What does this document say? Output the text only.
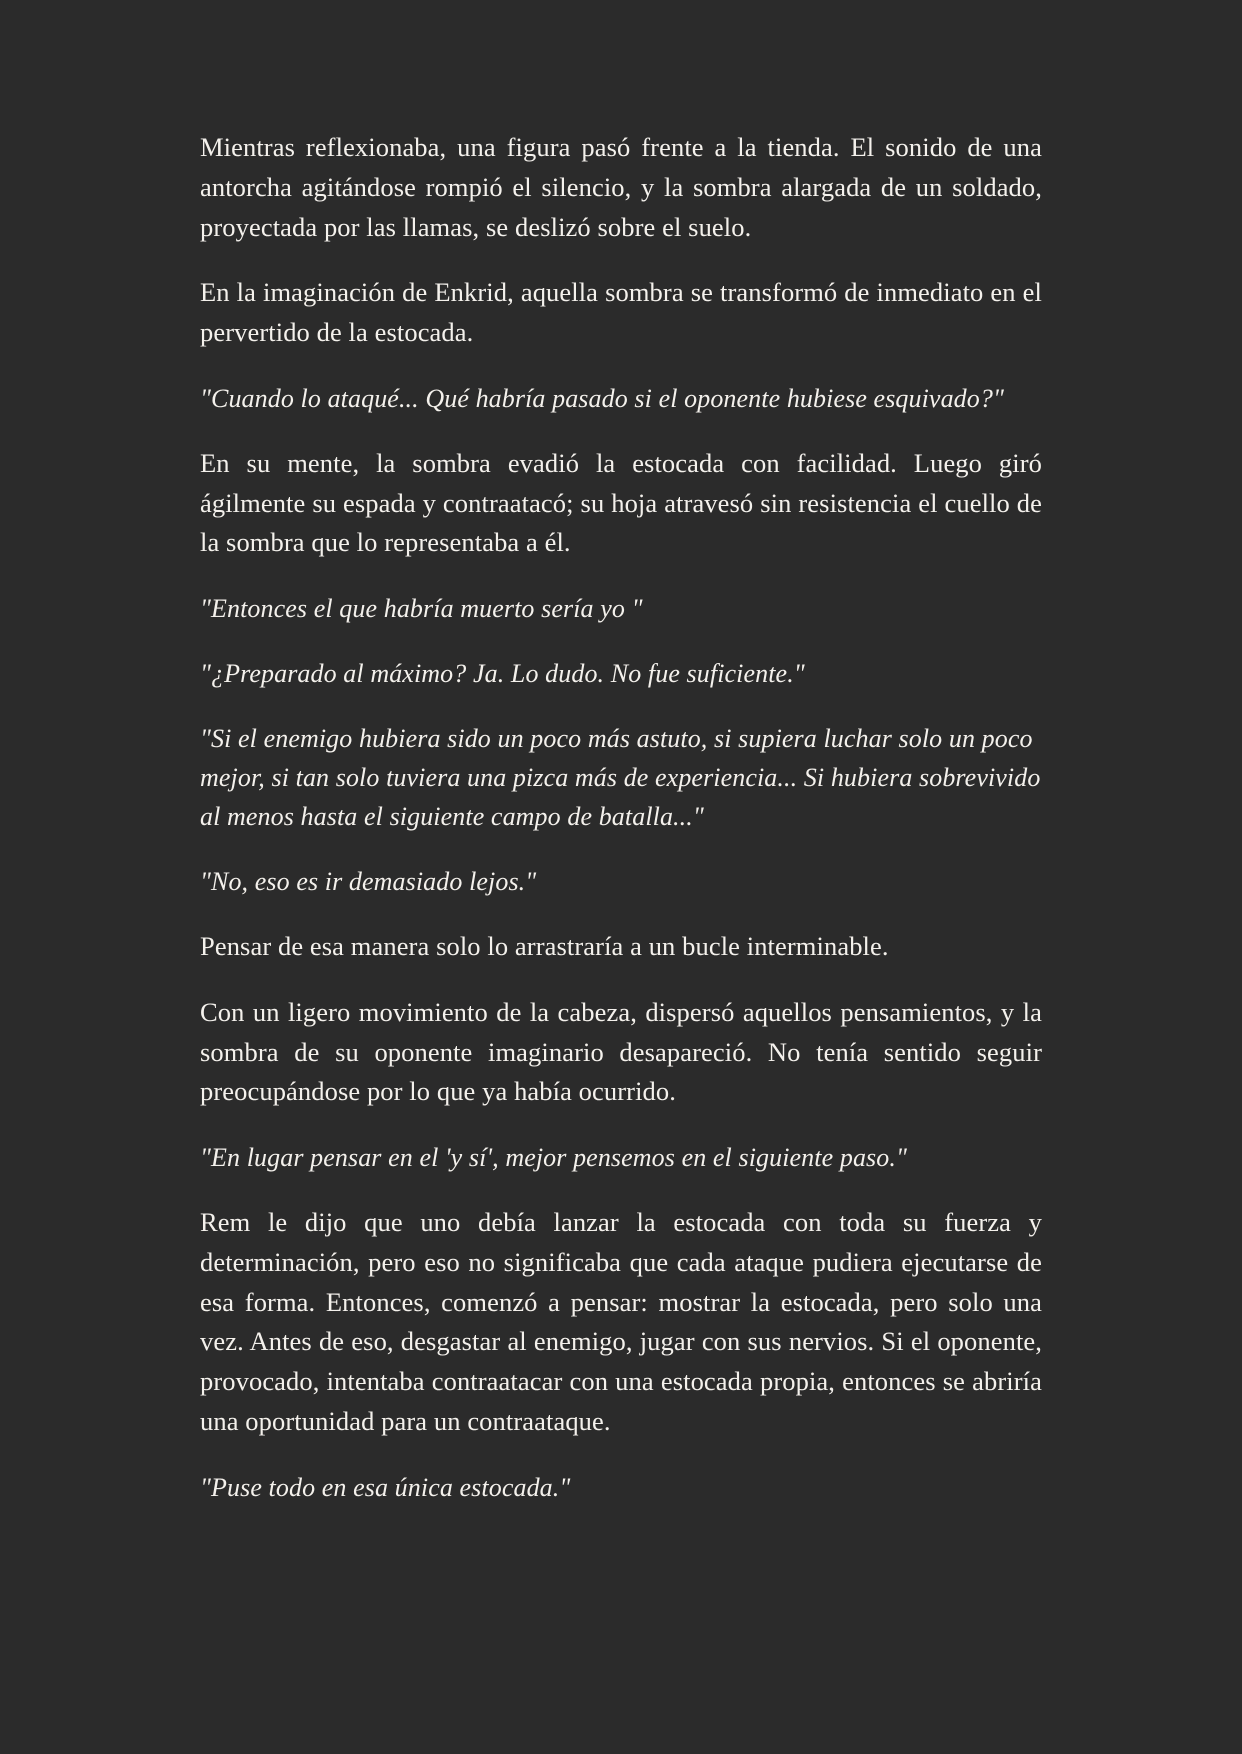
Mientras reflexionaba, una figura pasó frente a la tienda. El sonido de una antorcha agitándose rompió el silencio, y la sombra alargada de un soldado, proyectada por las llamas, se deslizó sobre el suelo.

En la imaginación de Enkrid, aquella sombra se transformó de inmediato en el pervertido de la estocada.

"Cuando lo ataqué... Qué habría pasado si el oponente hubiese esquivado?"

En su mente, la sombra evadió la estocada con facilidad. Luego giró ágilmente su espada y contraatacó; su hoja atravesó sin resistencia el cuello de la sombra que lo representaba a él.

"Entonces el que habría muerto sería yo "

"¿Preparado al máximo? Ja. Lo dudo. No fue suficiente."

"Si el enemigo hubiera sido un poco más astuto, si supiera luchar solo un poco mejor, si tan solo tuviera una pizca más de experiencia... Si hubiera sobrevivido al menos hasta el siguiente campo de batalla..."

"No, eso es ir demasiado lejos."

Pensar de esa manera solo lo arrastraría a un bucle interminable.

Con un ligero movimiento de la cabeza, dispersó aquellos pensamientos, y la sombra de su oponente imaginario desapareció. No tenía sentido seguir preocupándose por lo que ya había ocurrido.

"En lugar pensar en el 'y sí', mejor pensemos en el siguiente paso."

Rem le dijo que uno debía lanzar la estocada con toda su fuerza y determinación, pero eso no significaba que cada ataque pudiera ejecutarse de esa forma. Entonces, comenzó a pensar: mostrar la estocada, pero solo una vez. Antes de eso, desgastar al enemigo, jugar con sus nervios. Si el oponente, provocado, intentaba contraatacar con una estocada propia, entonces se abriría una oportunidad para un contraataque.

"Puse todo en esa única estocada."
